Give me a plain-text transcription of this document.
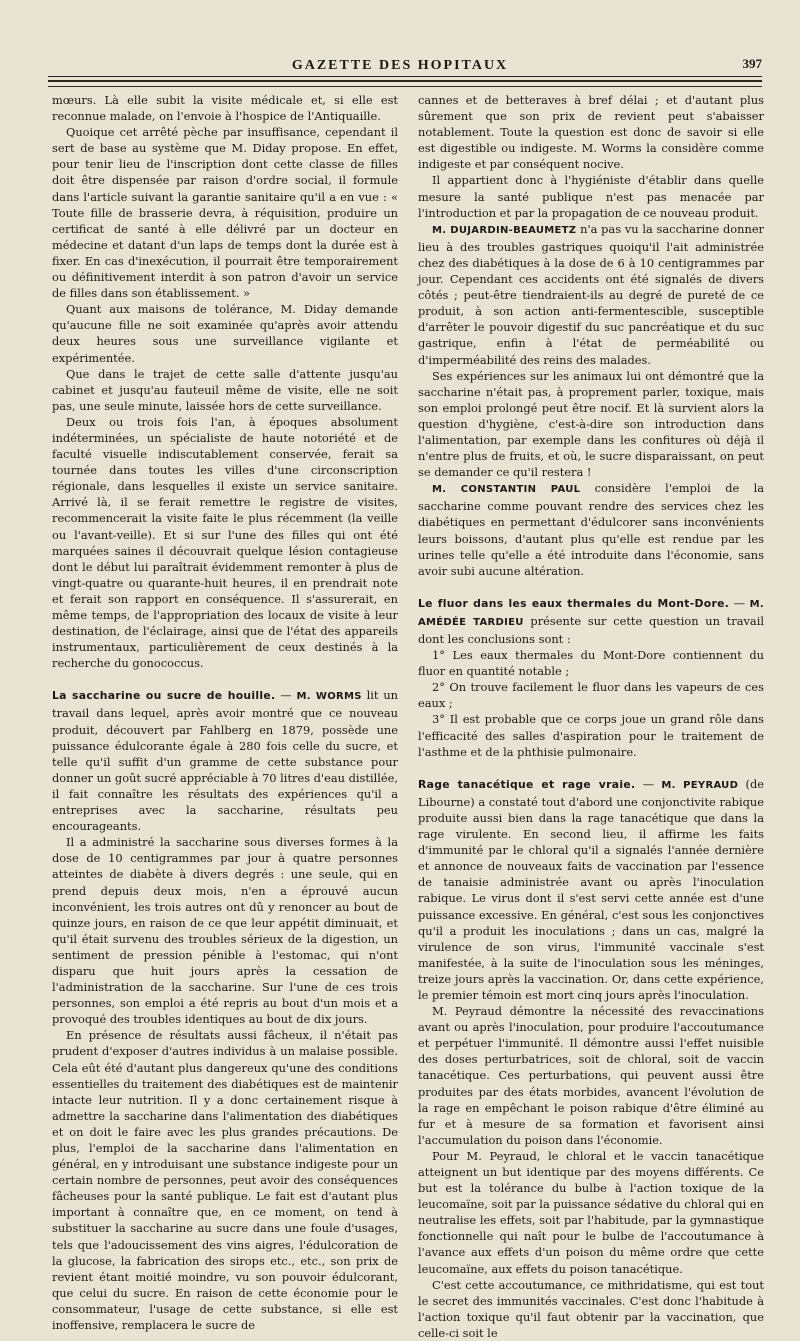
GAZETTE DES HOPITAUX	397

mœurs. Là elle subit la visite médicale et, si elle est reconnue malade, on l'envoie à l'hospice de l'Antiquaille.

Quoique cet arrêté pèche par insuffisance, cependant il sert de base au système que M. Diday propose. En effet, pour tenir lieu de l'inscription dont cette classe de filles doit être dispensée par raison d'ordre social, il formule dans l'article suivant la garantie sanitaire qu'il a en vue : « Toute fille de brasserie devra, à réquisition, produire un certificat de santé à elle délivré par un docteur en médecine et datant d'un laps de temps dont la durée est à fixer. En cas d'inexécution, il pourrait être temporairement ou définitivement interdit à son patron d'avoir un service de filles dans son établissement. »

Quant aux maisons de tolérance, M. Diday demande qu'aucune fille ne soit examinée qu'après avoir attendu deux heures sous une surveillance vigilante et expérimentée.

Que dans le trajet de cette salle d'attente jusqu'au cabinet et jusqu'au fauteuil même de visite, elle ne soit pas, une seule minute, laissée hors de cette surveillance.

Deux ou trois fois l'an, à époques absolument indéterminées, un spécialiste de haute notoriété et de faculté visuelle indiscutablement conservée, ferait sa tournée dans toutes les villes d'une circonscription régionale, dans lesquelles il existe un service sanitaire. Arrivé là, il se ferait remettre le registre de visites, recommencerait la visite faite le plus récemment (la veille ou l'avant-veille). Et si sur l'une des filles qui ont été marquées saines il découvrait quelque lésion contagieuse dont le début lui paraîtrait évidemment remonter à plus de vingt-quatre ou quarante-huit heures, il en prendrait note et ferait son rapport en conséquence. Il s'assurerait, en même temps, de l'appropriation des locaux de visite à leur destination, de l'éclairage, ainsi que de l'état des appareils instrumentaux, particulièrement de ceux destinés à la recherche du gonococcus.

La saccharine ou sucre de houille. — M. WORMS lit un travail dans lequel, après avoir montré que ce nouveau produit, découvert par Fahlberg en 1879, possède une puissance édulcorante égale à 280 fois celle du sucre, et telle qu'il suffit d'un gramme de cette substance pour donner un goût sucré appréciable à 70 litres d'eau distillée, il fait connaître les résultats des expériences qu'il a entreprises avec la saccharine, résultats peu encourageants.

Il a administré la saccharine sous diverses formes à la dose de 10 centigrammes par jour à quatre personnes atteintes de diabète à divers degrés : une seule, qui en prend depuis deux mois, n'en a éprouvé aucun inconvénient, les trois autres ont dû y renoncer au bout de quinze jours, en raison de ce que leur appétit diminuait, et qu'il était survenu des troubles sérieux de la digestion, un sentiment de pression pénible à l'estomac, qui n'ont disparu que huit jours après la cessation de l'administration de la saccharine. Sur l'une de ces trois personnes, son emploi a été repris au bout d'un mois et a provoqué des troubles identiques au bout de dix jours.

En présence de résultats aussi fâcheux, il n'était pas prudent d'exposer d'autres individus à un malaise possible. Cela eût été d'autant plus dangereux qu'une des conditions essentielles du traitement des diabétiques est de maintenir intacte leur nutrition. Il y a donc certainement risque à admettre la saccharine dans l'alimentation des diabétiques et on doit le faire avec les plus grandes précautions. De plus, l'emploi de la saccharine dans l'alimentation en général, en y introduisant une substance indigeste pour un certain nombre de personnes, peut avoir des conséquences fâcheuses pour la santé publique. Le fait est d'autant plus important à connaître que, en ce moment, on tend à substituer la saccharine au sucre dans une foule d'usages, tels que l'adoucissement des vins aigres, l'édulcoration de la glucose, la fabrication des sirops etc., etc., son prix de revient étant moitié moindre, vu son pouvoir édulcorant, que celui du sucre. En raison de cette économie pour le consommateur, l'usage de cette substance, si elle est inoffensive, remplacera le sucre de

cannes et de betteraves à bref délai ; et d'autant plus sûrement que son prix de revient peut s'abaisser notablement. Toute la question est donc de savoir si elle est digestible ou indigeste. M. Worms la considère comme indigeste et par conséquent nocive.

Il appartient donc à l'hygiéniste d'établir dans quelle mesure la santé publique n'est pas menacée par l'introduction et par la propagation de ce nouveau produit.

M. DUJARDIN-BEAUMETZ n'a pas vu la saccharine donner lieu à des troubles gastriques quoiqu'il l'ait administrée chez des diabétiques à la dose de 6 à 10 centigrammes par jour. Cependant ces accidents ont été signalés de divers côtés ; peut-être tiendraient-ils au degré de pureté de ce produit, à son action anti-fermentescible, susceptible d'arrêter le pouvoir digestif du suc pancréatique et du suc gastrique, enfin à l'état de perméabilité ou d'imperméabilité des reins des malades.

Ses expériences sur les animaux lui ont démontré que la saccharine n'était pas, à proprement parler, toxique, mais son emploi prolongé peut être nocif. Et là survient alors la question d'hygiène, c'est-à-dire son introduction dans l'alimentation, par exemple dans les confitures où déjà il n'entre plus de fruits, et où, le sucre disparaissant, on peut se demander ce qu'il restera !

M. CONSTANTIN PAUL considère l'emploi de la saccharine comme pouvant rendre des services chez les diabétiques en permettant d'édulcorer sans inconvénients leurs boissons, d'autant plus qu'elle est rendue par les urines telle qu'elle a été introduite dans l'économie, sans avoir subi aucune altération.

Le fluor dans les eaux thermales du Mont-Dore. — M. AMÉDÉE TARDIEU présente sur cette question un travail dont les conclusions sont :

1° Les eaux thermales du Mont-Dore contiennent du fluor en quantité notable ;

2° On trouve facilement le fluor dans les vapeurs de ces eaux ;

3° Il est probable que ce corps joue un grand rôle dans l'efficacité des salles d'aspiration pour le traitement de l'asthme et de la phthisie pulmonaire.

Rage tanacétique et rage vraie. — M. PEYRAUD (de Libourne) a constaté tout d'abord une conjonctivite rabique produite aussi bien dans la rage tanacétique que dans la rage virulente. En second lieu, il affirme les faits d'immunité par le chloral qu'il a signalés l'année dernière et annonce de nouveaux faits de vaccination par l'essence de tanaisie administrée avant ou après l'inoculation rabique. Le virus dont il s'est servi cette année est d'une puissance excessive. En général, c'est sous les conjonctives qu'il a produit les inoculations ; dans un cas, malgré la virulence de son virus, l'immunité vaccinale s'est manifestée, à la suite de l'inoculation sous les méninges, treize jours après la vaccination. Or, dans cette expérience, le premier témoin est mort cinq jours après l'inoculation.

M. Peyraud démontre la nécessité des revaccinations avant ou après l'inoculation, pour produire l'accoutumance et perpétuer l'immunité. Il démontre aussi l'effet nuisible des doses perturbatrices, soit de chloral, soit de vaccin tanacétique. Ces perturbations, qui peuvent aussi être produites par des états morbides, avancent l'évolution de la rage en empêchant le poison rabique d'être éliminé au fur et à mesure de sa formation et favorisent ainsi l'accumulation du poison dans l'économie.

Pour M. Peyraud, le chloral et le vaccin tanacétique atteignent un but identique par des moyens différents. Ce but est la tolérance du bulbe à l'action toxique de la leucomaïne, soit par la puissance sédative du chloral qui en neutralise les effets, soit par l'habitude, par la gymnastique fonctionnelle qui naît pour le bulbe de l'accoutumance à l'avance aux effets d'un poison du même ordre que cette leucomaïne, aux effets du poison tanacétique.

C'est cette accoutumance, ce mithridatisme, qui est tout le secret des immunités vaccinales. C'est donc l'habitude à l'action toxique qu'il faut obtenir par la vaccination, que celle-ci soit le
